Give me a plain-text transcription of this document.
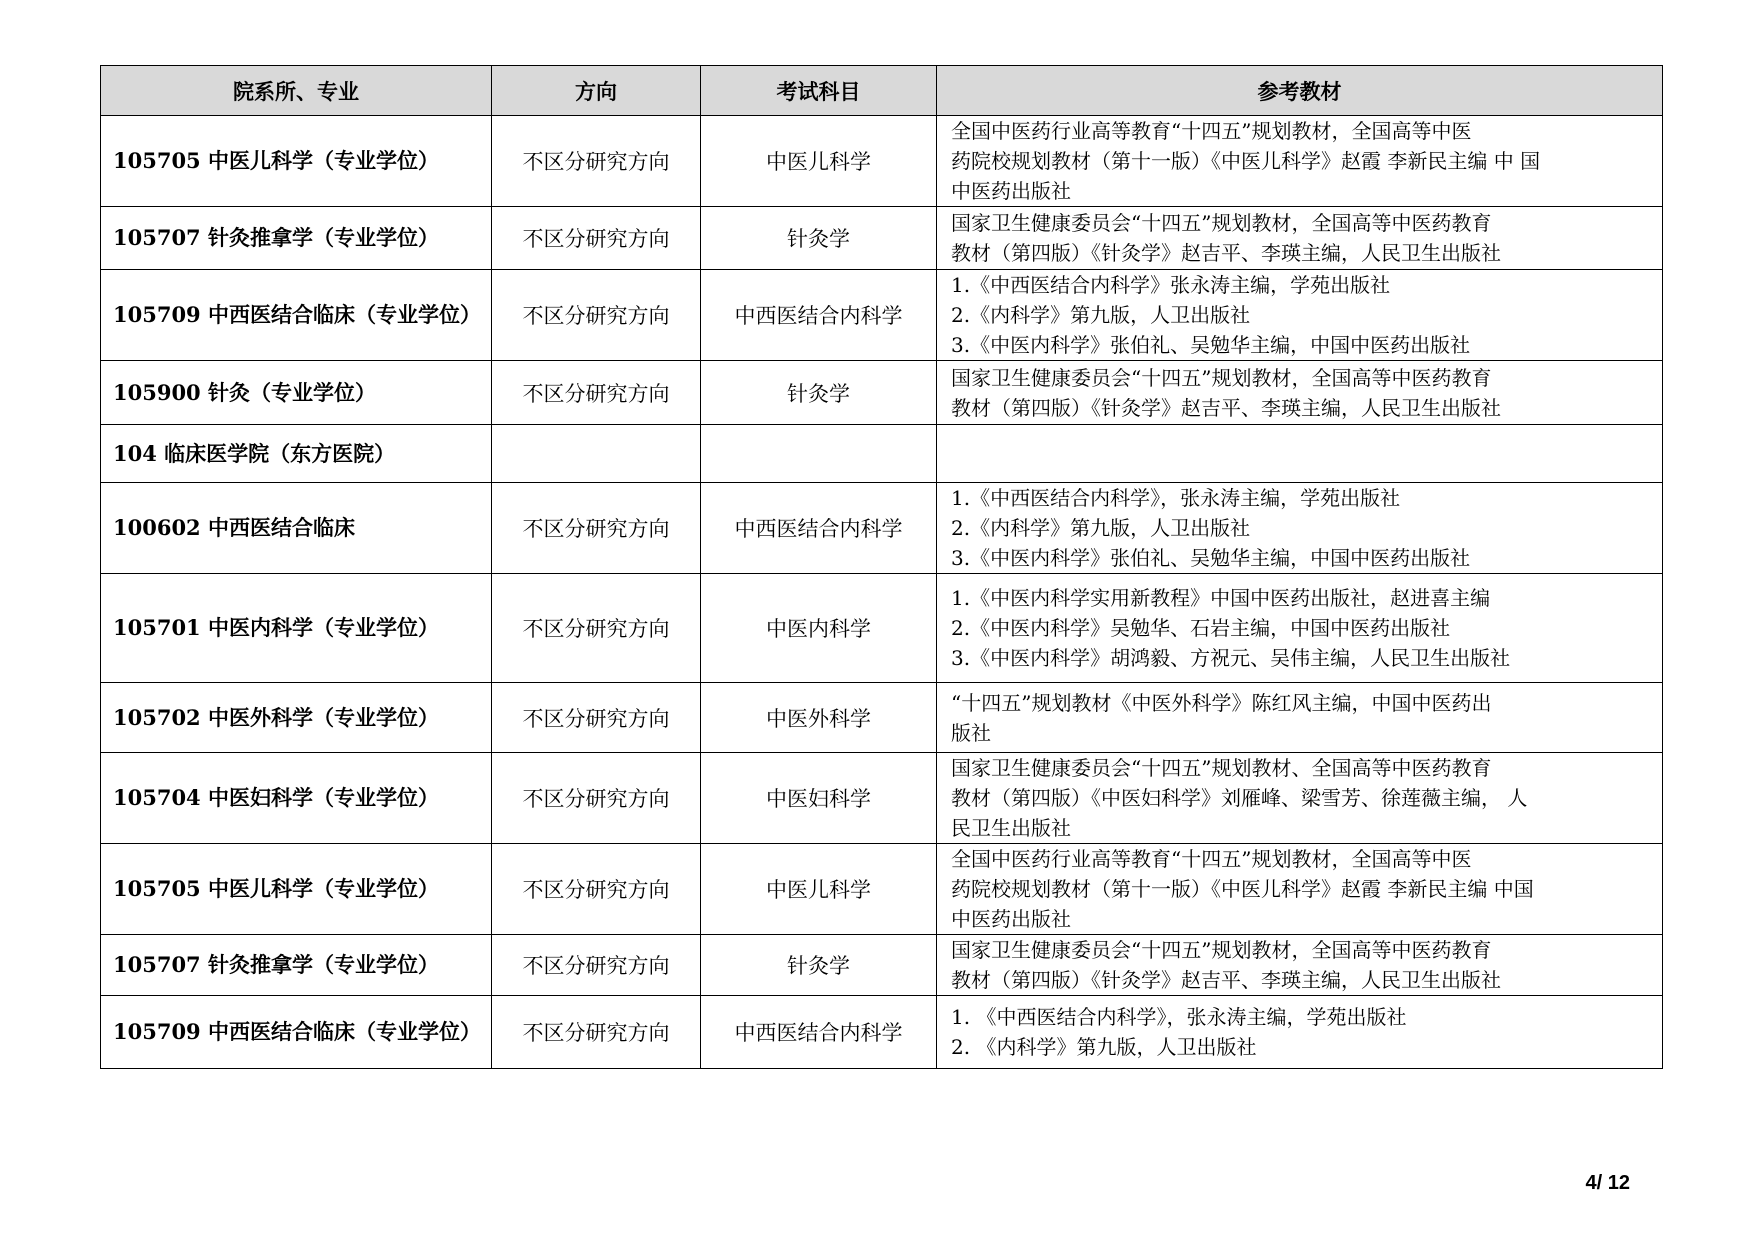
院系所、专业	方向	考试科目	参考教材
105705 中医儿科学（专业学位）	不区分研究方向	中医儿科学	全国中医药行业高等教育“十四五”规划教材，全国高等中医
药院校规划教材（第十一版）《中医儿科学》赵霞 李新民主编 中 国
中医药出版社

105707 针灸推拿学（专业学位）	不区分研究方向	针灸学	国家卫生健康委员会“十四五”规划教材，全国高等中医药教育
教材（第四版）《针灸学》赵吉平、李瑛主编，人民卫生出版社

105709 中西医结合临床（专业学位）	不区分研究方向	中西医结合内科学	1.《中西医结合内科学》张永涛主编，学苑出版社
2.《内科学》第九版，人卫出版社
3.《中医内科学》张伯礼、吴勉华主编，中国中医药出版社

105900 针灸（专业学位）	不区分研究方向	针灸学	国家卫生健康委员会“十四五”规划教材，全国高等中医药教育
教材（第四版）《针灸学》赵吉平、李瑛主编，人民卫生出版社

104 临床医学院（东方医院）			
100602 中西医结合临床	不区分研究方向	中西医结合内科学	1.《中西医结合内科学》，张永涛主编，学苑出版社
2.《内科学》第九版，人卫出版社
3.《中医内科学》张伯礼、吴勉华主编，中国中医药出版社

105701 中医内科学（专业学位）	不区分研究方向	中医内科学	1.《中医内科学实用新教程》中国中医药出版社，赵进喜主编
2.《中医内科学》吴勉华、石岩主编，中国中医药出版社
3.《中医内科学》胡鸿毅、方祝元、吴伟主编，人民卫生出版社

105702 中医外科学（专业学位）	不区分研究方向	中医外科学	“十四五”规划教材《中医外科学》陈红风主编，中国中医药出
版社

105704 中医妇科学（专业学位）	不区分研究方向	中医妇科学	国家卫生健康委员会“十四五”规划教材、全国高等中医药教育
教材（第四版）《中医妇科学》刘雁峰、梁雪芳、徐莲薇主编， 人
民卫生出版社

105705 中医儿科学（专业学位）	不区分研究方向	中医儿科学	全国中医药行业高等教育“十四五”规划教材，全国高等中医
药院校规划教材（第十一版）《中医儿科学》赵霞 李新民主编 中国
中医药出版社

105707 针灸推拿学（专业学位）	不区分研究方向	针灸学	国家卫生健康委员会“十四五”规划教材，全国高等中医药教育
教材（第四版）《针灸学》赵吉平、李瑛主编，人民卫生出版社

105709 中西医结合临床（专业学位）	不区分研究方向	中西医结合内科学	1. 《中西医结合内科学》，张永涛主编，学苑出版社
2. 《内科学》第九版，人卫出版社
4/ 12
